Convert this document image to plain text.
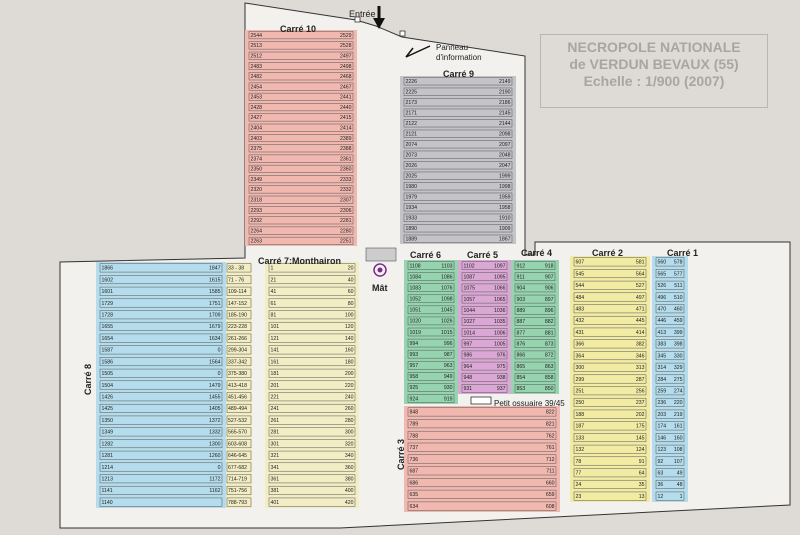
2544	2529
2513	2528
2512	2497
2483	2498
2482	2468
2454	2467
2453	2441
2428	2440
2427	2415
2404	2414
2403	2389
2375	2388
2374	2361
2350	2360
2349	2333
2320	2332
2318	2307
2293	2306
2292	2281
2264	2280
2263	2251
2226	2149
2225	2190
2173	2186
2171	2145
2122	2144
2121	2098
2074	2097
2073	2048
2026	2047
2025	1999
1980	1998
1979	1959
1934	1958
1933	1910
1890	1909
1889	1867
1866	1847
1602	1615
1601	1585
1729	1751
1728	1709
1655	1679
1654	1634
1587	0
1586	1564
1505	0
1504	1479
1426	1455
1425	1405
1350	1372
1349	1332
1282	1300
1281	1260
1214	0
1213	1172
1141	1162
1140
33 - 38
71 - 76
109-114
147-152
185-190
223-228
261-266
299-304
337-342
375-380
413-418
451-456
489-494
527-532
565-570
603-608
646-645
677-682
714-719
751-756
788-793
1	20
21	40
41	60
61	80
81	100
101	120
121	140
141	160
161	180
181	200
201	220
221	240
241	260
261	280
281	300
301	320
321	340
341	360
361	380
381	400
401	420
1108	1103
1084	1086
1083	1076
1052	1098
1051	1045
1020	1026
1019	1015
994	996
993	987
957	963
958	949
925	930
924	919
1102	1097
1087	1095
1075	1066
1057	1065
1044	1036
1027	1035
1014	1006
997	1005
986	976
964	975
948	938
931	937
912	918
911	907
904	906
903	897
889	896
887	882
877	881
876	873
866	872
865	863
854	858
853	850
848	822
789	821
788	762
737	761
736	712
687	711
686	660
635	659
634	608
607	581
545	564
544	527
484	497
483	471
432	445
431	414
366	382
364	346
300	313
299	287
251	256
250	237
188	202
187	175
133	145
132	124
78	91
77	64
24	35
23	13
560 578
565 577
526 511
496 510
470 460
446 459
413 399
383 398
345 330
314 329
284 275
259 274
236 220
203 219
174 161
146 160
123 108
92 107
63	49
36	48
12	1
NECROPOLE NATIONALE
de VERDUN BEVAUX (55)
Echelle : 1/900 (2007)
Entrée
Panneau
d'information
Mât
Petit ossuaire 39/45
Carré 10
Carré 9
Carré 7:Monthairon
Carré 6	Carré 5	Carré 4	Carré 2	Carré 1
Carré 8
Carré 3
